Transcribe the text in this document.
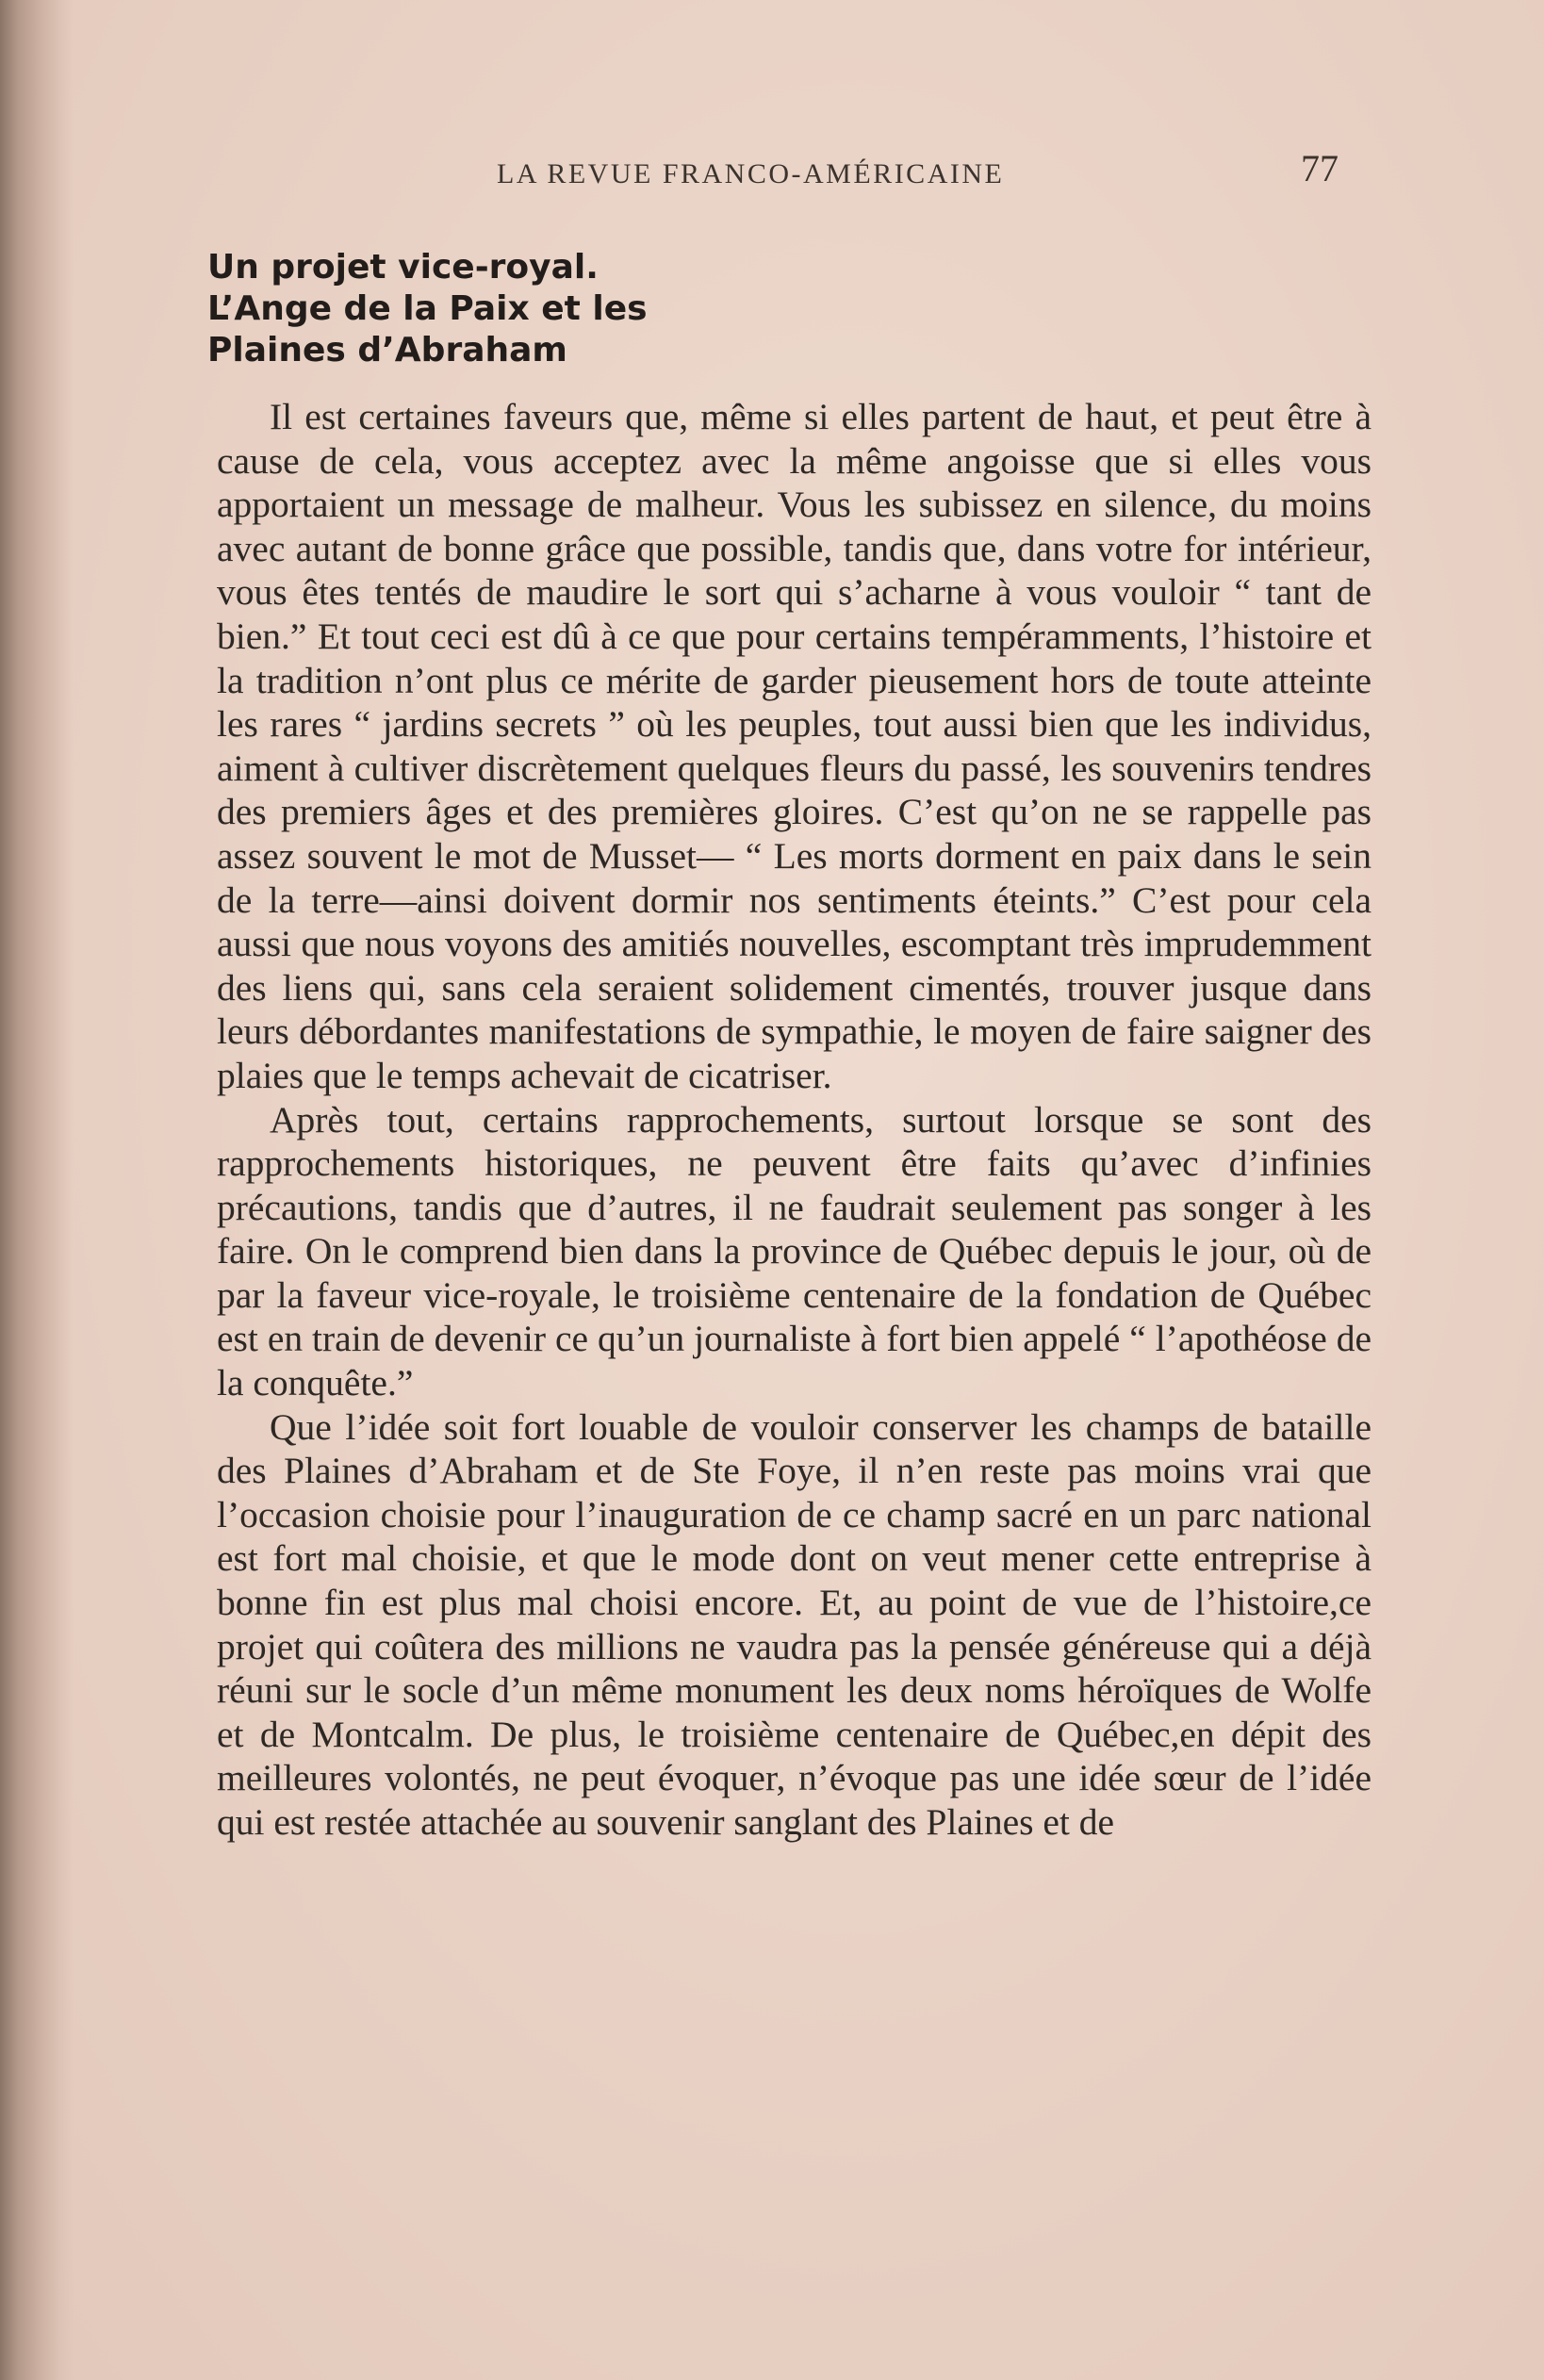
LA REVUE FRANCO-AMÉRICAINE	77
Un projet vice-royal.
L’Ange de la Paix et les
Plaines d’Abraham

Il est certaines faveurs que, même si elles partent de haut, et peut être à cause de cela, vous acceptez avec la même angoisse que si elles vous apportaient un message de malheur. Vous les subissez en silence, du moins avec autant de bonne grâce que possible, tandis que, dans votre for intérieur, vous êtes tentés de maudire le sort qui s’acharne à vous vouloir “ tant de bien.” Et tout ceci est dû à ce que pour certains tempéramments, l’histoire et la tradition n’ont plus ce mérite de garder pieusement hors de toute atteinte les rares “ jardins secrets ” où les peuples, tout aussi bien que les individus, aiment à cultiver discrètement quelques fleurs du passé, les souvenirs tendres des premiers âges et des premières gloires. C’est qu’on ne se rappelle pas assez souvent le mot de Musset— “ Les morts dorment en paix dans le sein de la terre—ainsi doivent dormir nos sentiments éteints.” C’est pour cela aussi que nous voyons des amitiés nouvelles, escomptant très imprudemment des liens qui, sans cela seraient solidement cimentés, trouver jusque dans leurs débordantes manifestations de sympathie, le moyen de faire saigner des plaies que le temps achevait de cicatriser.

Après tout, certains rapprochements, surtout lorsque se sont des rapprochements historiques, ne peuvent être faits qu’avec d’infinies précautions, tandis que d’autres, il ne faudrait seulement pas songer à les faire. On le comprend bien dans la province de Québec depuis le jour, où de par la faveur vice-royale, le troisième centenaire de la fondation de Québec est en train de devenir ce qu’un journaliste à fort bien appelé “ l’apothéose de la conquête.”

Que l’idée soit fort louable de vouloir conserver les champs de bataille des Plaines d’Abraham et de Ste Foye, il n’en reste pas moins vrai que l’occasion choisie pour l’inauguration de ce champ sacré en un parc national est fort mal choisie, et que le mode dont on veut mener cette entreprise à bonne fin est plus mal choisi encore. Et, au point de vue de l’histoire,ce projet qui coûtera des millions ne vaudra pas la pensée généreuse qui a déjà réuni sur le socle d’un même monument les deux noms héroïques de Wolfe et de Montcalm. De plus, le troisième centenaire de Québec,en dépit des meilleures volontés, ne peut évoquer, n’évoque pas une idée sœur de l’idée qui est restée attachée au souvenir sanglant des Plaines et de
